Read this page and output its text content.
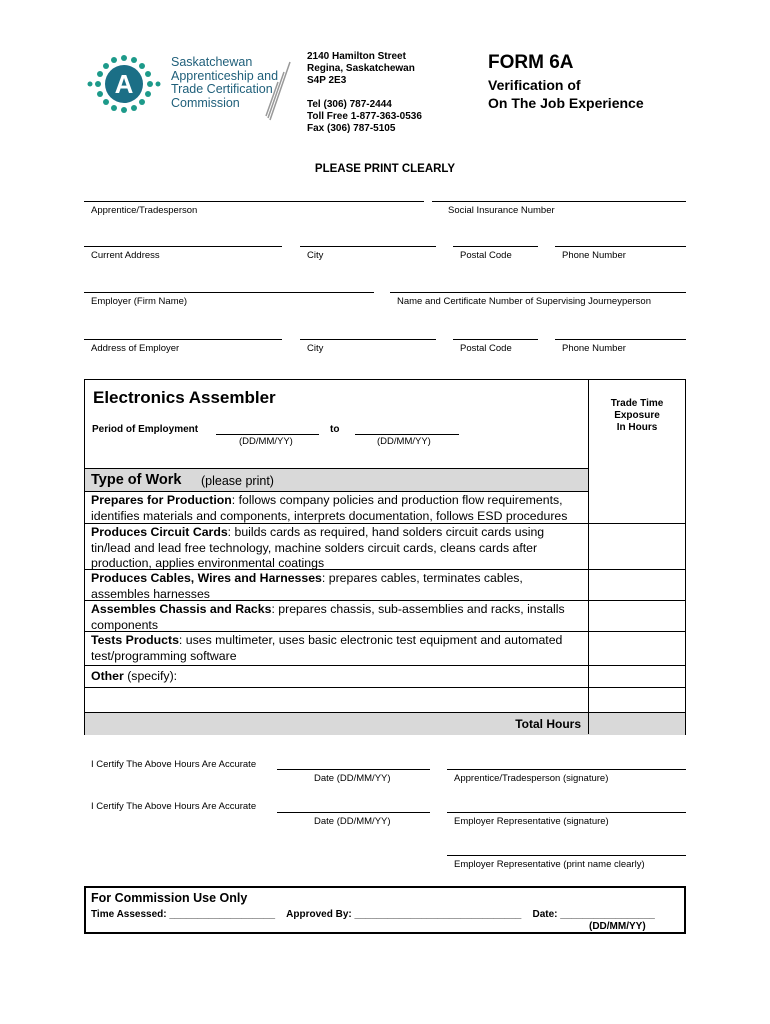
A
Saskatchewan
Apprenticeship and
Trade Certification
Commission
2140 Hamilton Street
Regina, Saskatchewan
S4P 2E3
Tel (306) 787-2444
Toll Free 1-877-363-0536
Fax (306) 787-5105
FORM 6A
Verification of
On The Job Experience
PLEASE PRINT CLEARLY
Apprentice/Tradesperson	Social Insurance Number
Current Address	City	Postal Code	Phone Number
Employer (Firm Name)	Name and Certificate Number of Supervising Journeyperson
Address of Employer	City	Postal Code	Phone Number
Electronics Assembler	Trade Time
Exposure
In Hours
Period of Employment	to
(DD/MM/YY)	(DD/MM/YY)
Type of Work (please print)
Prepares for Production: follows company policies and production flow requirements, identifies materials and components, interprets documentation, follows ESD procedures
Produces Circuit Cards: builds cards as required, hand solders circuit cards using tin/lead and lead free technology, machine solders circuit cards, cleans cards after production, applies environmental coatings
Produces Cables, Wires and Harnesses: prepares cables, terminates cables, assembles harnesses
Assembles Chassis and Racks: prepares chassis, sub-assemblies and racks, installs components
Tests Products: uses multimeter, uses basic electronic test equipment and automated test/programming software
Other (specify):
Total Hours
I Certify The Above Hours Are Accurate
Date (DD/MM/YY)	Apprentice/Tradesperson (signature)
I Certify The Above Hours Are Accurate
Date (DD/MM/YY)	Employer Representative (signature)
Employer Representative (print name clearly)
For Commission Use Only
Time Assessed: ___________________ Approved By: ______________________________ Date: _________________
(DD/MM/YY)
